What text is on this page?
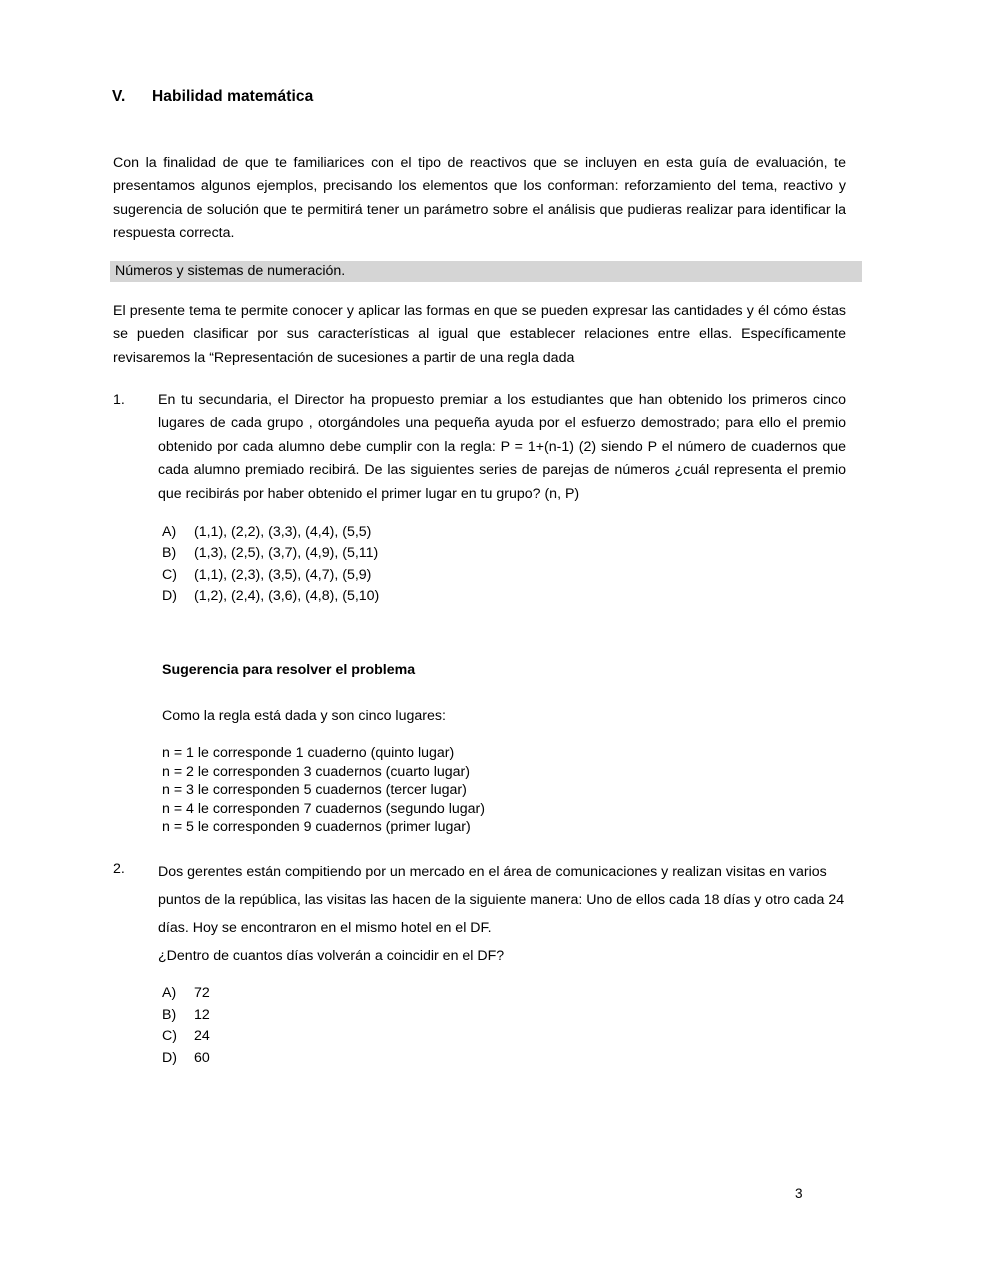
V. Habilidad matemática
Con la finalidad de que te familiarices con el tipo de reactivos que se incluyen en esta guía de evaluación, te presentamos algunos ejemplos, precisando los elementos que los conforman: reforzamiento del tema, reactivo y sugerencia de solución que te permitirá tener un parámetro sobre el análisis que pudieras realizar para identificar la respuesta correcta.
Números y sistemas de numeración.
El presente tema te permite conocer y aplicar las formas en que se pueden expresar las cantidades y él cómo éstas se pueden clasificar por sus características al igual que establecer relaciones entre ellas. Específicamente revisaremos la “Representación de sucesiones a partir de una regla dada
1.	En tu secundaria, el Director ha propuesto premiar a los estudiantes que han obtenido los primeros cinco lugares de cada grupo , otorgándoles una pequeña ayuda por el esfuerzo demostrado; para ello el premio obtenido por cada alumno debe cumplir con la regla: P = 1+(n-1) (2) siendo P el número de cuadernos que cada alumno premiado recibirá. De las siguientes series de parejas de números ¿cuál representa el premio que recibirás por haber obtenido el primer lugar en tu grupo? (n, P)
A)	(1,1), (2,2), (3,3), (4,4), (5,5)
B)	(1,3), (2,5), (3,7), (4,9), (5,11)
C)	(1,1), (2,3), (3,5), (4,7), (5,9)
D)	(1,2), (2,4), (3,6), (4,8), (5,10)
Sugerencia para resolver el problema
Como la regla está dada y son cinco lugares:
n = 1 le corresponde 1 cuaderno (quinto lugar)
n = 2 le corresponden 3 cuadernos (cuarto lugar)
n = 3 le corresponden 5 cuadernos (tercer lugar)
n = 4 le corresponden 7 cuadernos (segundo lugar)
n = 5 le corresponden 9 cuadernos (primer lugar)
2.	Dos gerentes están compitiendo por un mercado en el área de comunicaciones y realizan visitas en varios puntos de la república, las visitas las hacen de la siguiente manera: Uno de ellos cada 18 días y otro cada 24 días. Hoy se encontraron en el mismo hotel en el DF.
¿Dentro de cuantos días volverán a coincidir en el DF?
A)	72
B)	12
C)	24
D)	60
3
